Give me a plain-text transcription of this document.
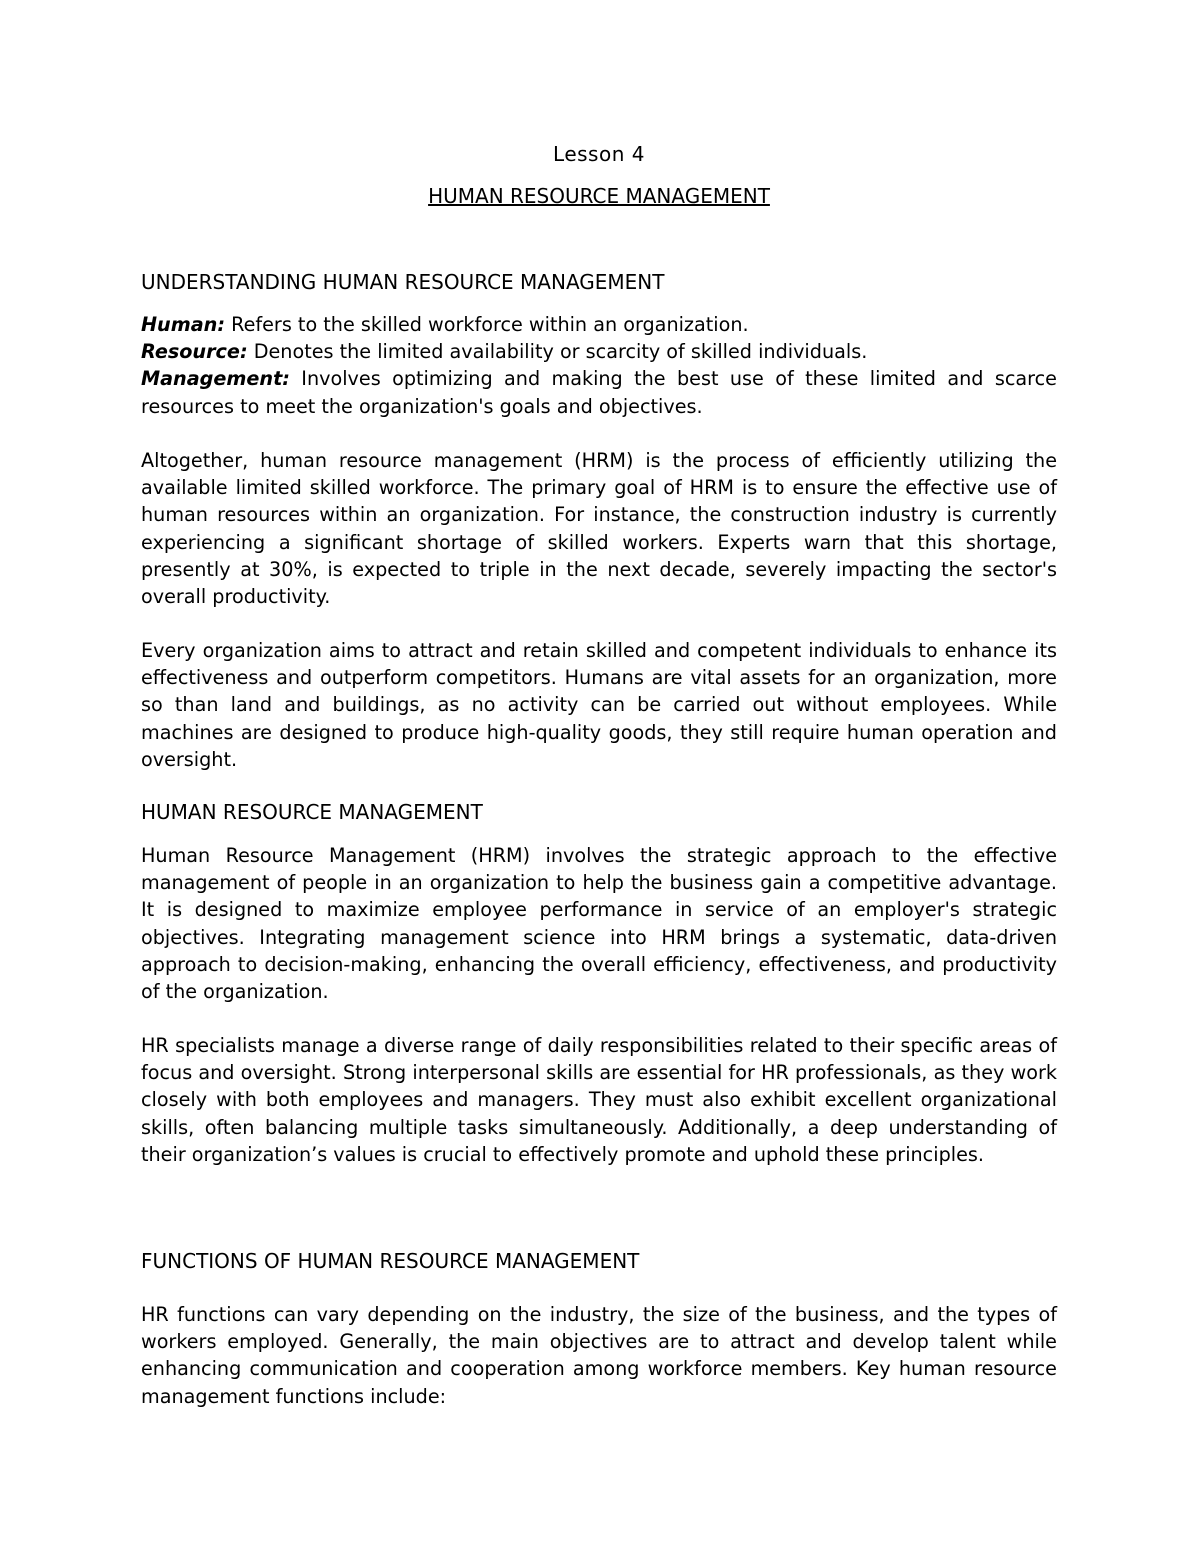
Lesson 4
HUMAN RESOURCE MANAGEMENT
UNDERSTANDING HUMAN RESOURCE MANAGEMENT
Human: Refers to the skilled workforce within an organization.
Resource: Denotes the limited availability or scarcity of skilled individuals.
Management: Involves optimizing and making the best use of these limited and scarce resources to meet the organization's goals and objectives.

Altogether, human resource management (HRM) is the process of efficiently utilizing the available limited skilled workforce. The primary goal of HRM is to ensure the effective use of human resources within an organization. For instance, the construction industry is currently experiencing a significant shortage of skilled workers. Experts warn that this shortage, presently at 30%, is expected to triple in the next decade, severely impacting the sector's overall productivity.

Every organization aims to attract and retain skilled and competent individuals to enhance its effectiveness and outperform competitors. Humans are vital assets for an organization, more so than land and buildings, as no activity can be carried out without employees. While machines are designed to produce high-quality goods, they still require human operation and oversight.

HUMAN RESOURCE MANAGEMENT

Human Resource Management (HRM) involves the strategic approach to the effective management of people in an organization to help the business gain a competitive advantage. It is designed to maximize employee performance in service of an employer's strategic objectives. Integrating management science into HRM brings a systematic, data-driven approach to decision-making, enhancing the overall efficiency, effectiveness, and productivity of the organization.

HR specialists manage a diverse range of daily responsibilities related to their specific areas of focus and oversight. Strong interpersonal skills are essential for HR professionals, as they work closely with both employees and managers. They must also exhibit excellent organizational skills, often balancing multiple tasks simultaneously. Additionally, a deep understanding of their organization’s values is crucial to effectively promote and uphold these principles.

FUNCTIONS OF HUMAN RESOURCE MANAGEMENT

HR functions can vary depending on the industry, the size of the business, and the types of workers employed. Generally, the main objectives are to attract and develop talent while enhancing communication and cooperation among workforce members. Key human resource management functions include:
